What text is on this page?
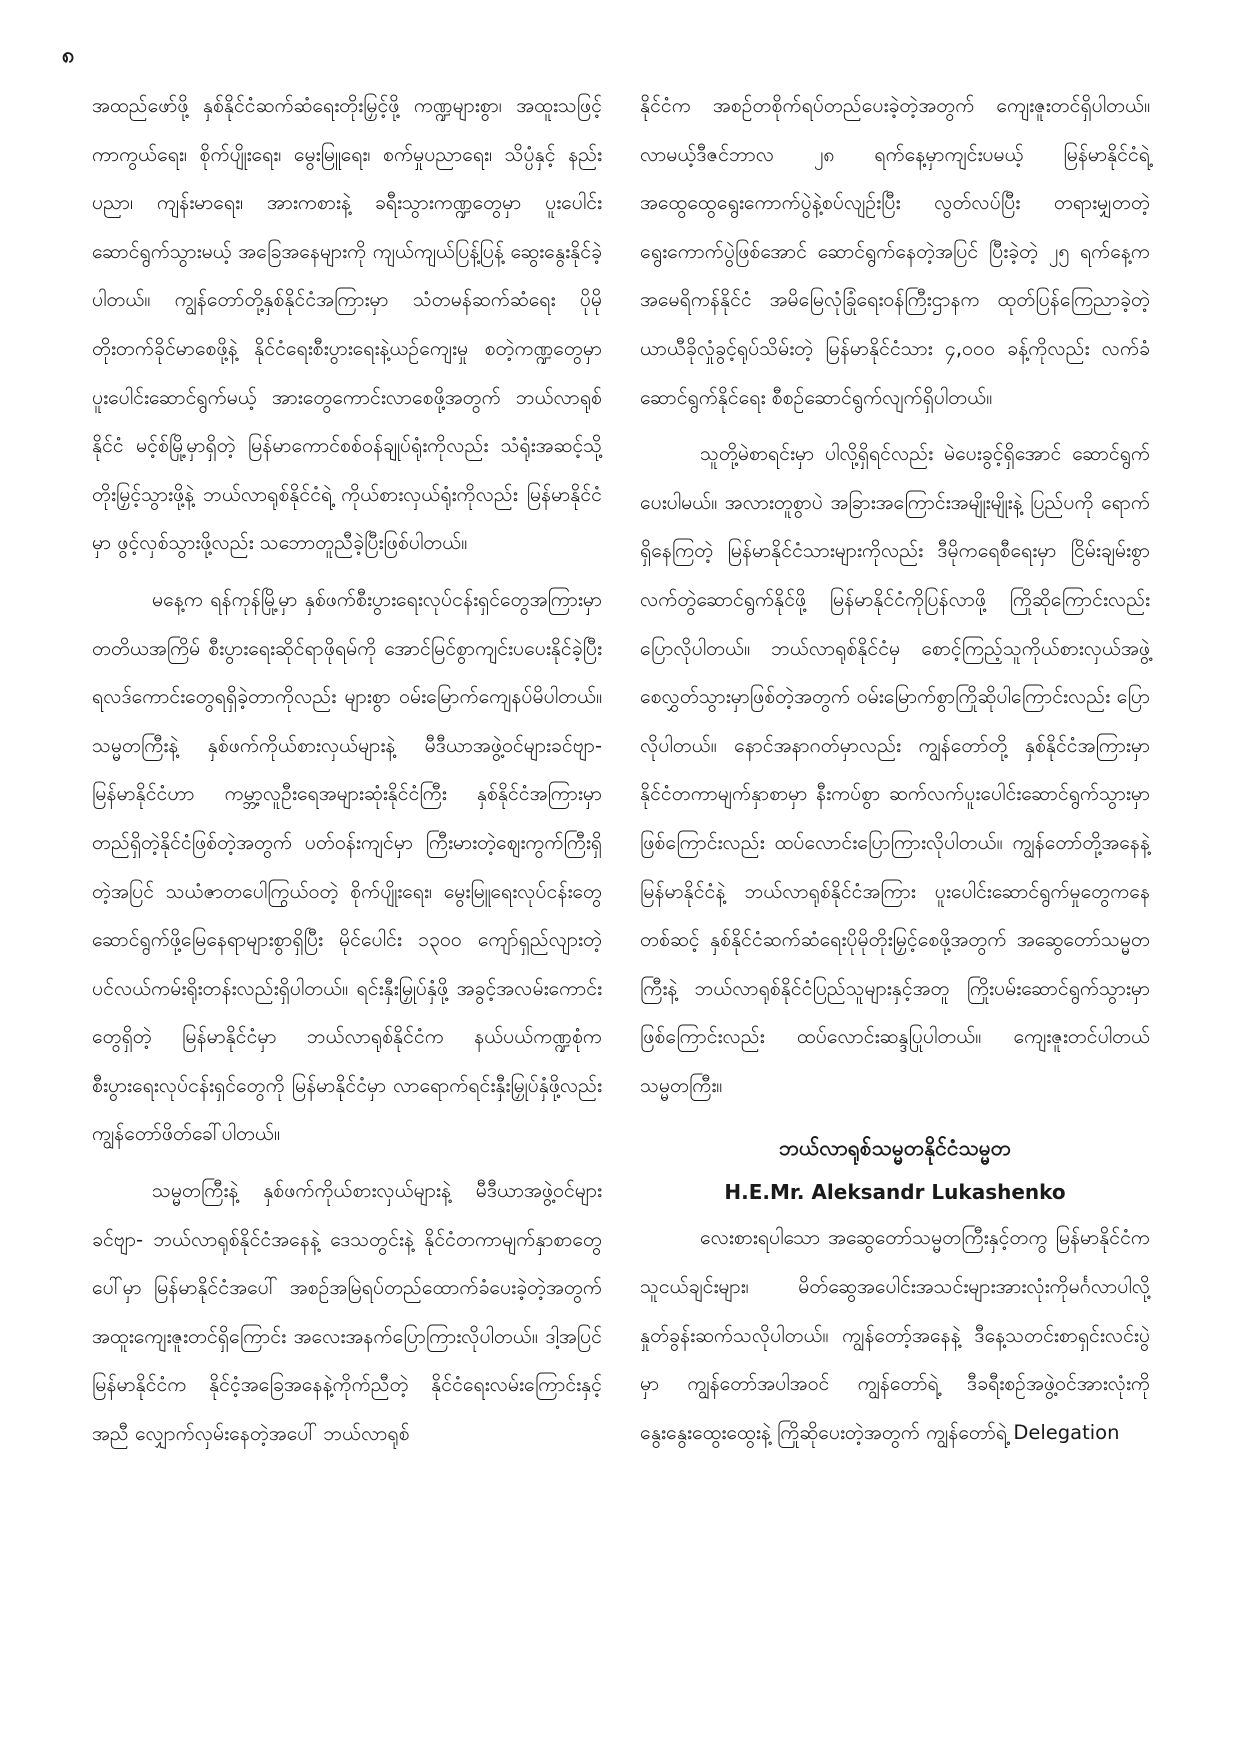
၈

အထည်ဖော်ဖို့ နှစ်နိုင်ငံဆက်ဆံရေးတိုးမြှင့်ဖို့ ကဏ္ဍများစွာ၊ အထူးသဖြင့် ကာကွယ်ရေး၊ စိုက်ပျိုးရေး၊ မွေးမြူရေး၊ စက်မှုပညာရေး၊ သိပ္ပံနှင့် နည်းပညာ၊ ကျန်းမာရေး၊ အားကစားနဲ့ ခရီးသွားကဏ္ဍတွေမှာ ပူးပေါင်းဆောင်ရွက်သွားမယ့် အခြေအနေများကို ကျယ်ကျယ်ပြန့်ပြန့် ဆွေးနွေးနိုင်ခဲ့ပါတယ်။ ကျွန်တော်တို့နှစ်နိုင်ငံအကြားမှာ သံတမန်ဆက်ဆံရေး ပိုမိုတိုးတက်ခိုင်မာစေဖို့နဲ့ နိုင်ငံရေးစီးပွားရေးနဲ့ယဉ်ကျေးမှု စတဲ့ကဏ္ဍတွေမှာ ပူးပေါင်းဆောင်ရွက်မယ့် အားတွေကောင်းလာစေဖို့အတွက် ဘယ်လာရုစ်နိုင်ငံ မင့်စ်မြို့မှာရှိတဲ့ မြန်မာကောင်စစ်ဝန်ချုပ်ရုံးကိုလည်း သံရုံးအဆင့်သို့ တိုးမြှင့်သွားဖို့နဲ့ ဘယ်လာရုစ်နိုင်ငံရဲ့ ကိုယ်စားလှယ်ရုံးကိုလည်း မြန်မာနိုင်ငံမှာ ဖွင့်လှစ်သွားဖို့လည်း သဘောတူညီခဲ့ပြီးဖြစ်ပါတယ်။

မနေ့က ရန်ကုန်မြို့မှာ နှစ်ဖက်စီးပွားရေးလုပ်ငန်းရှင်တွေအကြားမှာ တတိယအကြိမ် စီးပွားရေးဆိုင်ရာဖိုရမ်ကို အောင်မြင်စွာကျင်းပပေးနိုင်ခဲ့ပြီး ရလဒ်ကောင်းတွေရရှိခဲ့တာကိုလည်း များစွာ ဝမ်းမြောက်ကျေနပ်မိပါတယ်။ သမ္မတကြီးနဲ့ နှစ်ဖက်ကိုယ်စားလှယ်များနဲ့ မီဒီယာအဖွဲ့ဝင်များခင်ဗျာ- မြန်မာနိုင်ငံဟာ ကမ္ဘာ့လူဦးရေအများဆုံးနိုင်ငံကြီး နှစ်နိုင်ငံအကြားမှာ တည်ရှိတဲ့နိုင်ငံဖြစ်တဲ့အတွက် ပတ်ဝန်းကျင်မှာ ကြီးမားတဲ့ဈေးကွက်ကြီးရှိတဲ့အပြင် သယံဇာတပေါကြွယ်ဝတဲ့ စိုက်ပျိုးရေး၊ မွေးမြူရေးလုပ်ငန်းတွေ ဆောင်ရွက်ဖို့မြေနေရာများစွာရှိပြီး မိုင်ပေါင်း ၁၃၀၀ ကျော်ရှည်လျားတဲ့ ပင်လယ်ကမ်းရိုးတန်းလည်းရှိပါတယ်။ ရင်းနှီးမြှုပ်နှံဖို့ အခွင့်အလမ်းကောင်းတွေရှိတဲ့ မြန်မာနိုင်ငံမှာ ဘယ်လာရုစ်နိုင်ငံက နယ်ပယ်ကဏ္ဍစုံက စီးပွားရေးလုပ်ငန်းရှင်တွေကို မြန်မာနိုင်ငံမှာ လာရောက်ရင်းနှီးမြှုပ်နှံဖို့လည်း ကျွန်တော်ဖိတ်ခေါ်ပါတယ်။

သမ္မတကြီးနဲ့ နှစ်ဖက်ကိုယ်စားလှယ်များနဲ့ မီဒီယာအဖွဲ့ဝင်များ ခင်ဗျာ- ဘယ်လာရုစ်နိုင်ငံအနေနဲ့ ဒေသတွင်းနဲ့ နိုင်ငံတကာမျက်နှာစာတွေပေါ်မှာ မြန်မာနိုင်ငံအပေါ် အစဉ်အမြဲရပ်တည်ထောက်ခံပေးခဲ့တဲ့အတွက် အထူးကျေးဇူးတင်ရှိကြောင်း အလေးအနက်ပြောကြားလိုပါတယ်။ ဒါ့အပြင် မြန်မာနိုင်ငံက နိုင်ငံ့အခြေအနေနဲ့ကိုက်ညီတဲ့ နိုင်ငံရေးလမ်းကြောင်းနှင့်အညီ လျှောက်လှမ်းနေတဲ့အပေါ် ဘယ်လာရုစ်

နိုင်ငံက အစဉ်တစိုက်ရပ်တည်ပေးခဲ့တဲ့အတွက် ကျေးဇူးတင်ရှိပါတယ်။ လာမယ့်ဒီဇင်ဘာလ ၂၈ ရက်နေ့မှာကျင်းပမယ့် မြန်မာနိုင်ငံရဲ့အထွေထွေရွေးကောက်ပွဲနဲ့စပ်လျဉ်းပြီး လွတ်လပ်ပြီး တရားမျှတတဲ့ ရွေးကောက်ပွဲဖြစ်အောင် ဆောင်ရွက်နေတဲ့အပြင် ပြီးခဲ့တဲ့ ၂၅ ရက်နေ့က အမေရိကန်နိုင်ငံ အမိမြေလုံခြုံရေးဝန်ကြီးဌာနက ထုတ်ပြန်ကြေညာခဲ့တဲ့ ယာယီခိုလှုံခွင့်ရုပ်သိမ်းတဲ့ မြန်မာနိုင်ငံသား ၄,၀၀၀ ခန့်ကိုလည်း လက်ခံဆောင်ရွက်နိုင်ရေး စီစဉ်ဆောင်ရွက်လျက်ရှိပါတယ်။

သူတို့မဲစာရင်းမှာ ပါလို့ရှိရင်လည်း မဲပေးခွင့်ရှိအောင် ဆောင်ရွက်ပေးပါမယ်။ အလားတူစွာပဲ အခြားအကြောင်းအမျိုးမျိုးနဲ့ ပြည်ပကို ရောက်ရှိနေကြတဲ့ မြန်မာနိုင်ငံသားများကိုလည်း ဒီမိုကရေစီရေးမှာ ငြိမ်းချမ်းစွာ လက်တွဲဆောင်ရွက်နိုင်ဖို့ မြန်မာနိုင်ငံကိုပြန်လာဖို့ ကြိုဆိုကြောင်းလည်း ပြောလိုပါတယ်။ ဘယ်လာရုစ်နိုင်ငံမှ စောင့်ကြည့်သူကိုယ်စားလှယ်အဖွဲ့ စေလွှတ်သွားမှာဖြစ်တဲ့အတွက် ဝမ်းမြောက်စွာကြိုဆိုပါကြောင်းလည်း ပြောလိုပါတယ်။ နောင်အနာဂတ်မှာလည်း ကျွန်တော်တို့ နှစ်နိုင်ငံအကြားမှာ နိုင်ငံတကာမျက်နှာစာမှာ နီးကပ်စွာ ဆက်လက်ပူးပေါင်းဆောင်ရွက်သွားမှာ ဖြစ်ကြောင်းလည်း ထပ်လောင်းပြောကြားလိုပါတယ်။ ကျွန်တော်တို့အနေနဲ့ မြန်မာနိုင်ငံနဲ့ ဘယ်လာရုစ်နိုင်ငံအကြား ပူးပေါင်းဆောင်ရွက်မှုတွေကနေတစ်ဆင့် နှစ်နိုင်ငံဆက်ဆံရေးပိုမိုတိုးမြှင့်စေဖို့အတွက် အဆွေတော်သမ္မတကြီးနဲ့ ဘယ်လာရုစ်နိုင်ငံပြည်သူများနှင့်အတူ ကြိုးပမ်းဆောင်ရွက်သွားမှာဖြစ်ကြောင်းလည်း ထပ်လောင်းဆန္ဒပြုပါတယ်။ ကျေးဇူးတင်ပါတယ် သမ္မတကြီး။

ဘယ်လာရုစ်သမ္မတနိုင်ငံသမ္မတ
H.E.Mr. Aleksandr Lukashenko

လေးစားရပါသော အဆွေတော်သမ္မတကြီးနှင့်တကွ မြန်မာနိုင်ငံက သူငယ်ချင်းများ၊ မိတ်ဆွေအပေါင်းအသင်းများအားလုံးကိုမင်္ဂလာပါလို့ နှုတ်ခွန်းဆက်သလိုပါတယ်။ ကျွန်တော့်အနေနဲ့ ဒီနေ့သတင်းစာရှင်းလင်းပွဲမှာ ကျွန်တော်အပါအဝင် ကျွန်တော်ရဲ့ ဒီခရီးစဉ်အဖွဲ့ဝင်အားလုံးကို နွေးနွေးထွေးထွေးနဲ့ ကြိုဆိုပေးတဲ့အတွက် ကျွန်တော်ရဲ့ Delegation
